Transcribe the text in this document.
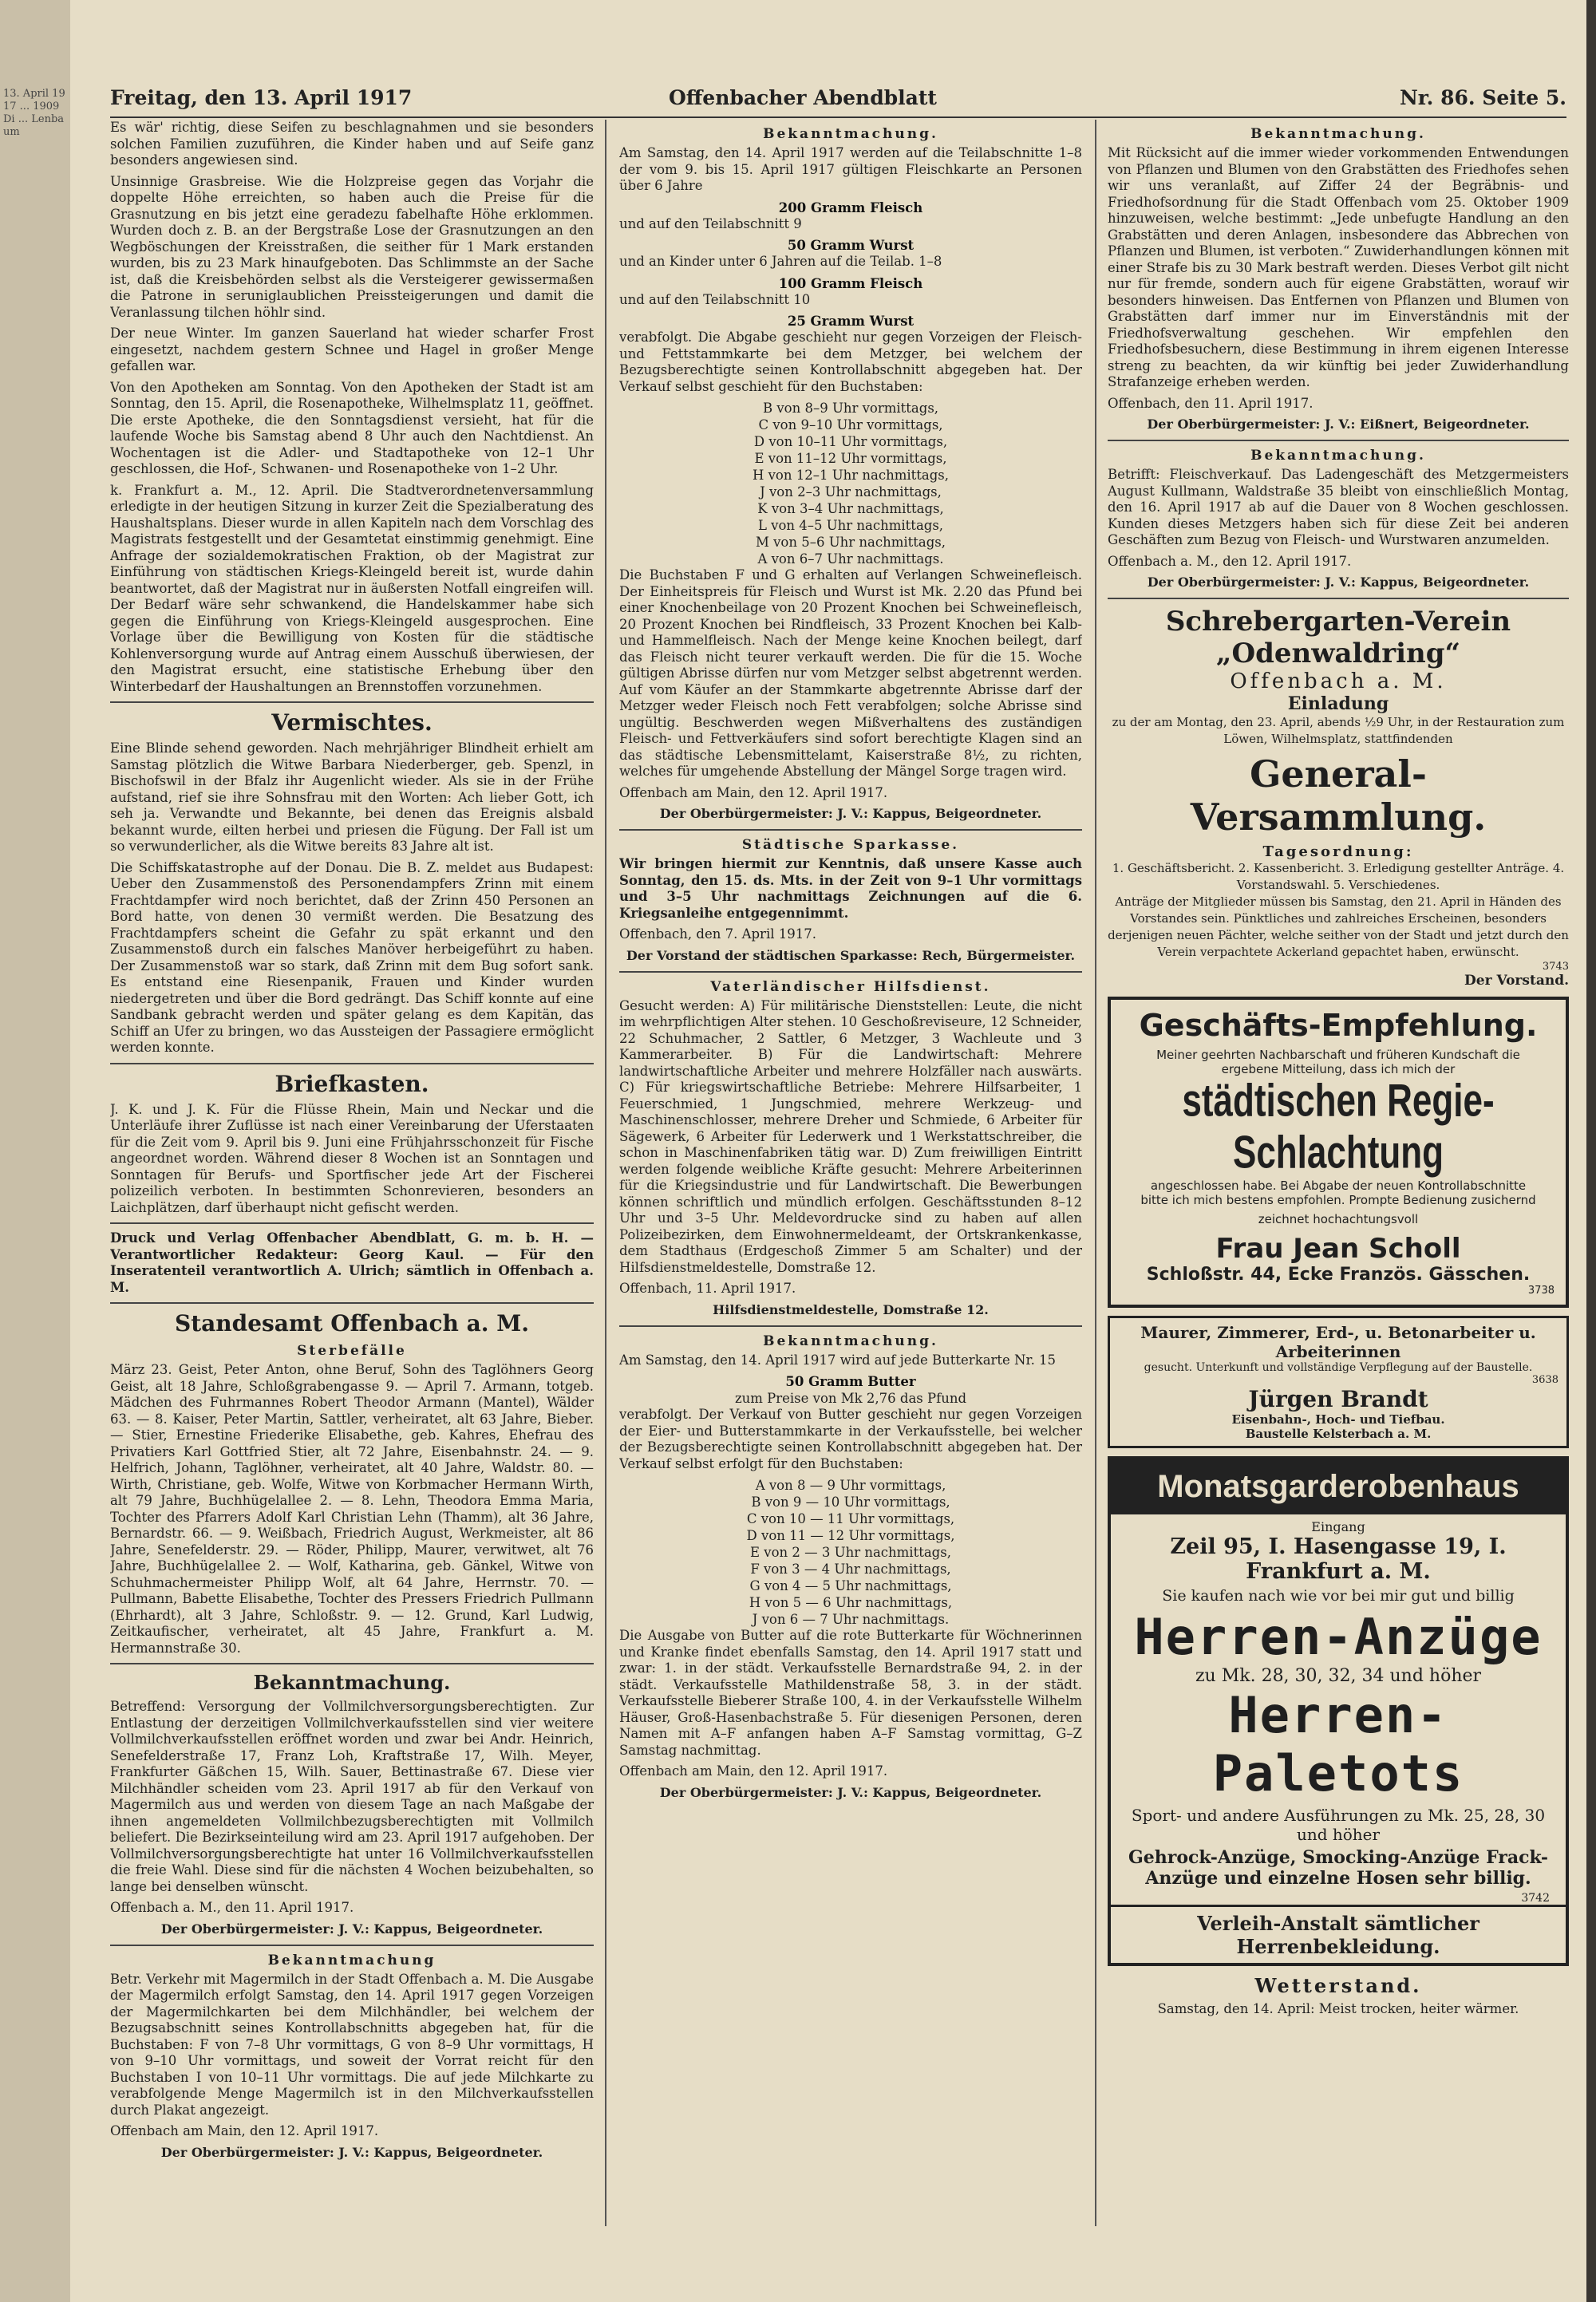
13. April 1917 ... 1909 Di ... Lenbaum
Freitag, den 13. April 1917	Offenbacher Abendblatt	Nr. 86. Seite 5.

Es wär' richtig, diese Seifen zu beschlagnahmen und sie besonders solchen Familien zuzuführen, die Kinder haben und auf Seife ganz besonders angewiesen sind.

Unsinnige Grasbreise. Wie die Holzpreise gegen das Vorjahr die doppelte Höhe erreichten, so haben auch die Preise für die Grasnutzung en bis jetzt eine geradezu fabelhafte Höhe erklommen. Wurden doch z. B. an der Bergstraße Lose der Grasnutzungen an den Wegböschungen der Kreisstraßen, die seither für 1 Mark erstanden wurden, bis zu 23 Mark hinaufgeboten. Das Schlimmste an der Sache ist, daß die Kreisbehörden selbst als die Versteigerer gewissermaßen die Patrone in seruniglaublichen Preissteigerungen und damit die Veranlassung tilchen höhlr sind.

Der neue Winter. Im ganzen Sauerland hat wieder scharfer Frost eingesetzt, nachdem gestern Schnee und Hagel in großer Menge gefallen war.

Von den Apotheken am Sonntag. Von den Apotheken der Stadt ist am Sonntag, den 15. April, die Rosenapotheke, Wilhelmsplatz 11, geöffnet. Die erste Apotheke, die den Sonntagsdienst versieht, hat für die laufende Woche bis Samstag abend 8 Uhr auch den Nachtdienst. An Wochentagen ist die Adler- und Stadtapotheke von 12–1 Uhr geschlossen, die Hof-, Schwanen- und Rosenapotheke von 1–2 Uhr.

k. Frankfurt a. M., 12. April. Die Stadtverordnetenversammlung erledigte in der heutigen Sitzung in kurzer Zeit die Spezialberatung des Haushaltsplans. Dieser wurde in allen Kapiteln nach dem Vorschlag des Magistrats festgestellt und der Gesamtetat einstimmig genehmigt. Eine Anfrage der sozialdemokratischen Fraktion, ob der Magistrat zur Einführung von städtischen Kriegs-Kleingeld bereit ist, wurde dahin beantwortet, daß der Magistrat nur in äußersten Notfall eingreifen will. Der Bedarf wäre sehr schwankend, die Handelskammer habe sich gegen die Einführung von Kriegs-Kleingeld ausgesprochen. Eine Vorlage über die Bewilligung von Kosten für die städtische Kohlenversorgung wurde auf Antrag einem Ausschuß überwiesen, der den Magistrat ersucht, eine statistische Erhebung über den Winterbedarf der Haushaltungen an Brennstoffen vorzunehmen.

Vermischtes.

Eine Blinde sehend geworden. Nach mehrjähriger Blindheit erhielt am Samstag plötzlich die Witwe Barbara Niederberger, geb. Spenzl, in Bischofswil in der Bfalz ihr Augenlicht wieder. Als sie in der Frühe aufstand, rief sie ihre Sohnsfrau mit den Worten: Ach lieber Gott, ich seh ja. Verwandte und Bekannte, bei denen das Ereignis alsbald bekannt wurde, eilten herbei und priesen die Fügung. Der Fall ist um so verwunderlicher, als die Witwe bereits 83 Jahre alt ist.

Die Schiffskatastrophe auf der Donau. Die B. Z. meldet aus Budapest: Ueber den Zusammenstoß des Personendampfers Zrinn mit einem Frachtdampfer wird noch berichtet, daß der Zrinn 450 Personen an Bord hatte, von denen 30 vermißt werden. Die Besatzung des Frachtdampfers scheint die Gefahr zu spät erkannt und den Zusammenstoß durch ein falsches Manöver herbeigeführt zu haben. Der Zusammenstoß war so stark, daß Zrinn mit dem Bug sofort sank. Es entstand eine Riesenpanik, Frauen und Kinder wurden niedergetreten und über die Bord gedrängt. Das Schiff konnte auf eine Sandbank gebracht werden und später gelang es dem Kapitän, das Schiff an Ufer zu bringen, wo das Aussteigen der Passagiere ermöglicht werden konnte.

Briefkasten.

J. K. und J. K. Für die Flüsse Rhein, Main und Neckar und die Unterläufe ihrer Zuflüsse ist nach einer Vereinbarung der Uferstaaten für die Zeit vom 9. April bis 9. Juni eine Frühjahrsschonzeit für Fische angeordnet worden. Während dieser 8 Wochen ist an Sonntagen und Sonntagen für Berufs- und Sportfischer jede Art der Fischerei polizeilich verboten. In bestimmten Schonrevieren, besonders an Laichplätzen, darf überhaupt nicht gefischt werden.

Druck und Verlag Offenbacher Abendblatt, G. m. b. H. — Verantwortlicher Redakteur: Georg Kaul. — Für den Inseratenteil verantwortlich A. Ulrich; sämtlich in Offenbach a. M.

Standesamt Offenbach a. M.
Sterbefälle

März 23. Geist, Peter Anton, ohne Beruf, Sohn des Taglöhners Georg Geist, alt 18 Jahre, Schloßgrabengasse 9. — April 7. Armann, totgeb. Mädchen des Fuhrmannes Robert Theodor Armann (Mantel), Wälder 63. — 8. Kaiser, Peter Martin, Sattler, verheiratet, alt 63 Jahre, Bieber. — Stier, Ernestine Friederike Elisabethe, geb. Kahres, Ehefrau des Privatiers Karl Gottfried Stier, alt 72 Jahre, Eisenbahnstr. 24. — 9. Helfrich, Johann, Taglöhner, verheiratet, alt 40 Jahre, Waldstr. 80. — Wirth, Christiane, geb. Wolfe, Witwe von Korbmacher Hermann Wirth, alt 79 Jahre, Buchhügelallee 2. — 8. Lehn, Theodora Emma Maria, Tochter des Pfarrers Adolf Karl Christian Lehn (Thamm), alt 36 Jahre, Bernardstr. 66. — 9. Weißbach, Friedrich August, Werkmeister, alt 86 Jahre, Senefelderstr. 29. — Röder, Philipp, Maurer, verwitwet, alt 76 Jahre, Buchhügelallee 2. — Wolf, Katharina, geb. Gänkel, Witwe von Schuhmachermeister Philipp Wolf, alt 64 Jahre, Herrnstr. 70. — Pullmann, Babette Elisabethe, Tochter des Pressers Friedrich Pullmann (Ehrhardt), alt 3 Jahre, Schloßstr. 9. — 12. Grund, Karl Ludwig, Zeitkaufischer, verheiratet, alt 45 Jahre, Frankfurt a. M. Hermannstraße 30.

Bekanntmachung.

Betreffend: Versorgung der Vollmilchversorgungsberechtigten. Zur Entlastung der derzeitigen Vollmilchverkaufsstellen sind vier weitere Vollmilchverkaufsstellen eröffnet worden und zwar bei Andr. Heinrich, Senefelderstraße 17, Franz Loh, Kraftstraße 17, Wilh. Meyer, Frankfurter Gäßchen 15, Wilh. Sauer, Bettinastraße 67. Diese vier Milchhändler scheiden vom 23. April 1917 ab für den Verkauf von Magermilch aus und werden von diesem Tage an nach Maßgabe der ihnen angemeldeten Vollmilchbezugsberechtigten mit Vollmilch beliefert. Die Bezirkseinteilung wird am 23. April 1917 aufgehoben. Der Vollmilchversorgungsberechtigte hat unter 16 Vollmilchverkaufsstellen die freie Wahl. Diese sind für die nächsten 4 Wochen beizubehalten, so lange bei denselben wünscht.

Offenbach a. M., den 11. April 1917.

Der Oberbürgermeister: J. V.: Kappus, Beigeordneter.
Bekanntmachung

Betr. Verkehr mit Magermilch in der Stadt Offenbach a. M. Die Ausgabe der Magermilch erfolgt Samstag, den 14. April 1917 gegen Vorzeigen der Magermilchkarten bei dem Milchhändler, bei welchem der Bezugsabschnitt seines Kontrollabschnitts abgegeben hat, für die Buchstaben: F von 7–8 Uhr vormittags, G von 8–9 Uhr vormittags, H von 9–10 Uhr vormittags, und soweit der Vorrat reicht für den Buchstaben I von 10–11 Uhr vormittags. Die auf jede Milchkarte zu verabfolgende Menge Magermilch ist in den Milchverkaufsstellen durch Plakat angezeigt.

Offenbach am Main, den 12. April 1917.

Der Oberbürgermeister: J. V.: Kappus, Beigeordneter.
Bekanntmachung.

Am Samstag, den 14. April 1917 werden auf die Teilabschnitte 1–8 der vom 9. bis 15. April 1917 gültigen Fleischkarte an Personen über 6 Jahre

200 Gramm Fleisch

und auf den Teilabschnitt 9

50 Gramm Wurst

und an Kinder unter 6 Jahren auf die Teilab. 1–8

100 Gramm Fleisch

und auf den Teilabschnitt 10

25 Gramm Wurst

verabfolgt. Die Abgabe geschieht nur gegen Vorzeigen der Fleisch- und Fettstammkarte bei dem Metzger, bei welchem der Bezugsberechtigte seinen Kontrollabschnitt abgegeben hat. Der Verkauf selbst geschieht für den Buchstaben:

B von 8–9 Uhr vormittags,
C von 9–10 Uhr vormittags,
D von 10–11 Uhr vormittags,
E von 11–12 Uhr vormittags,
H von 12–1 Uhr nachmittags,
J von 2–3 Uhr nachmittags,
K von 3–4 Uhr nachmittags,
L von 4–5 Uhr nachmittags,
M von 5–6 Uhr nachmittags,
A von 6–7 Uhr nachmittags.

Die Buchstaben F und G erhalten auf Verlangen Schweinefleisch. Der Einheitspreis für Fleisch und Wurst ist Mk. 2.20 das Pfund bei einer Knochenbeilage von 20 Prozent Knochen bei Schweinefleisch, 20 Prozent Knochen bei Rindfleisch, 33 Prozent Knochen bei Kalb- und Hammelfleisch. Nach der Menge keine Knochen beilegt, darf das Fleisch nicht teurer verkauft werden. Die für die 15. Woche gültigen Abrisse dürfen nur vom Metzger selbst abgetrennt werden. Auf vom Käufer an der Stammkarte abgetrennte Abrisse darf der Metzger weder Fleisch noch Fett verabfolgen; solche Abrisse sind ungültig. Beschwerden wegen Mißverhaltens des zuständigen Fleisch- und Fettverkäufers sind sofort berechtigte Klagen sind an das städtische Lebensmittelamt, Kaiserstraße 8½, zu richten, welches für umgehende Abstellung der Mängel Sorge tragen wird.

Offenbach am Main, den 12. April 1917.

Der Oberbürgermeister: J. V.: Kappus, Beigeordneter.
Städtische Sparkasse.

Wir bringen hiermit zur Kenntnis, daß unsere Kasse auch Sonntag, den 15. ds. Mts. in der Zeit von 9–1 Uhr vormittags und 3–5 Uhr nachmittags Zeichnungen auf die 6. Kriegsanleihe entgegennimmt.

Offenbach, den 7. April 1917.

Der Vorstand der städtischen Sparkasse: Rech, Bürgermeister.
Vaterländischer Hilfsdienst.

Gesucht werden: A) Für militärische Dienststellen: Leute, die nicht im wehrpflichtigen Alter stehen. 10 Geschoßreviseure, 12 Schneider, 22 Schuhmacher, 2 Sattler, 6 Metzger, 3 Wachleute und 3 Kammerarbeiter. B) Für die Landwirtschaft: Mehrere landwirtschaftliche Arbeiter und mehrere Holzfäller nach auswärts. C) Für kriegswirtschaftliche Betriebe: Mehrere Hilfsarbeiter, 1 Feuerschmied, 1 Jungschmied, mehrere Werkzeug- und Maschinenschlosser, mehrere Dreher und Schmiede, 6 Arbeiter für Sägewerk, 6 Arbeiter für Lederwerk und 1 Werkstattschreiber, die schon in Maschinenfabriken tätig war. D) Zum freiwilligen Eintritt werden folgende weibliche Kräfte gesucht: Mehrere Arbeiterinnen für die Kriegsindustrie und für Landwirtschaft. Die Bewerbungen können schriftlich und mündlich erfolgen. Geschäftsstunden 8–12 Uhr und 3–5 Uhr. Meldevordrucke sind zu haben auf allen Polizeibezirken, dem Einwohnermeldeamt, der Ortskrankenkasse, dem Stadthaus (Erdgeschoß Zimmer 5 am Schalter) und der Hilfsdienstmeldestelle, Domstraße 12.

Offenbach, 11. April 1917.

Hilfsdienstmeldestelle, Domstraße 12.
Bekanntmachung.

Am Samstag, den 14. April 1917 wird auf jede Butterkarte Nr. 15

50 Gramm Butter
zum Preise von Mk 2,76 das Pfund

verabfolgt. Der Verkauf von Butter geschieht nur gegen Vorzeigen der Eier- und Butterstammkarte in der Verkaufsstelle, bei welcher der Bezugsberechtigte seinen Kontrollabschnitt abgegeben hat. Der Verkauf selbst erfolgt für den Buchstaben:

A von 8 — 9 Uhr vormittags,
B von 9 — 10 Uhr vormittags,
C von 10 — 11 Uhr vormittags,
D von 11 — 12 Uhr vormittags,
E von 2 — 3 Uhr nachmittags,
F von 3 — 4 Uhr nachmittags,
G von 4 — 5 Uhr nachmittags,
H von 5 — 6 Uhr nachmittags,
J von 6 — 7 Uhr nachmittags.

Die Ausgabe von Butter auf die rote Butterkarte für Wöchnerinnen und Kranke findet ebenfalls Samstag, den 14. April 1917 statt und zwar: 1. in der städt. Verkaufsstelle Bernardstraße 94, 2. in der städt. Verkaufsstelle Mathildenstraße 58, 3. in der städt. Verkaufsstelle Bieberer Straße 100, 4. in der Verkaufsstelle Wilhelm Häuser, Groß-Hasenbachstraße 5. Für diesenigen Personen, deren Namen mit A–F anfangen haben A–F Samstag vormittag, G–Z Samstag nachmittag.

Offenbach am Main, den 12. April 1917.

Der Oberbürgermeister: J. V.: Kappus, Beigeordneter.
Bekanntmachung.

Mit Rücksicht auf die immer wieder vorkommenden Entwendungen von Pflanzen und Blumen von den Grabstätten des Friedhofes sehen wir uns veranlaßt, auf Ziffer 24 der Begräbnis- und Friedhofsordnung für die Stadt Offenbach vom 25. Oktober 1909 hinzuweisen, welche bestimmt: „Jede unbefugte Handlung an den Grabstätten und deren Anlagen, insbesondere das Abbrechen von Pflanzen und Blumen, ist verboten.“ Zuwiderhandlungen können mit einer Strafe bis zu 30 Mark bestraft werden. Dieses Verbot gilt nicht nur für fremde, sondern auch für eigene Grabstätten, worauf wir besonders hinweisen. Das Entfernen von Pflanzen und Blumen von Grabstätten darf immer nur im Einverständnis mit der Friedhofsverwaltung geschehen. Wir empfehlen den Friedhofsbesuchern, diese Bestimmung in ihrem eigenen Interesse streng zu beachten, da wir künftig bei jeder Zuwiderhandlung Strafanzeige erheben werden.

Offenbach, den 11. April 1917.

Der Oberbürgermeister: J. V.: Eißnert, Beigeordneter.
Bekanntmachung.

Betrifft: Fleischverkauf. Das Ladengeschäft des Metzgermeisters August Kullmann, Waldstraße 35 bleibt von einschließlich Montag, den 16. April 1917 ab auf die Dauer von 8 Wochen geschlossen. Kunden dieses Metzgers haben sich für diese Zeit bei anderen Geschäften zum Bezug von Fleisch- und Wurstwaren anzumelden.

Offenbach a. M., den 12. April 1917.

Der Oberbürgermeister: J. V.: Kappus, Beigeordneter.
Schrebergarten-Verein „Odenwaldring“
Offenbach a. M.
Einladung
zu der am Montag, den 23. April, abends ½9 Uhr, in der Restauration zum Löwen, Wilhelmsplatz, stattfindenden
General-Versammlung.
Tagesordnung:
1. Geschäftsbericht. 2. Kassenbericht. 3. Erledigung gestellter Anträge. 4. Vorstandswahl. 5. Verschiedenes.
Anträge der Mitglieder müssen bis Samstag, den 21. April in Händen des Vorstandes sein. Pünktliches und zahlreiches Erscheinen, besonders derjenigen neuen Pächter, welche seither von der Stadt und jetzt durch den Verein verpachtete Ackerland gepachtet haben, erwünscht.
3743
Der Vorstand.
Geschäfts-Empfehlung.
Meiner geehrten Nachbarschaft und früheren Kundschaft die ergebene Mitteilung, dass ich mich der
städtischen Regie-Schlachtung
angeschlossen habe. Bei Abgabe der neuen Kontrollabschnitte bitte ich mich bestens empfohlen. Prompte Bedienung zusichernd
zeichnet hochachtungsvoll
Frau Jean Scholl
Schloßstr. 44, Ecke Französ. Gässchen.
3738
Maurer, Zimmerer, Erd-, u. Betonarbeiter u. Arbeiterinnen
gesucht. Unterkunft und vollständige Verpflegung auf der Baustelle.
3638
Jürgen Brandt
Eisenbahn-, Hoch- und Tiefbau.
Baustelle Kelsterbach a. M.
Monatsgarderobenhaus
Eingang
Zeil 95, I. Hasengasse 19, I. Frankfurt a. M.
Sie kaufen nach wie vor bei mir gut und billig
Herren-Anzüge
zu Mk. 28, 30, 32, 34 und höher
Herren-Paletots
Sport- und andere Ausführungen zu Mk. 25, 28, 30 und höher
Gehrock-Anzüge, Smocking-Anzüge Frack-Anzüge und einzelne Hosen sehr billig.
3742
Verleih-Anstalt sämtlicher Herrenbekleidung.
Wetterstand.
Samstag, den 14. April: Meist trocken, heiter wärmer.
